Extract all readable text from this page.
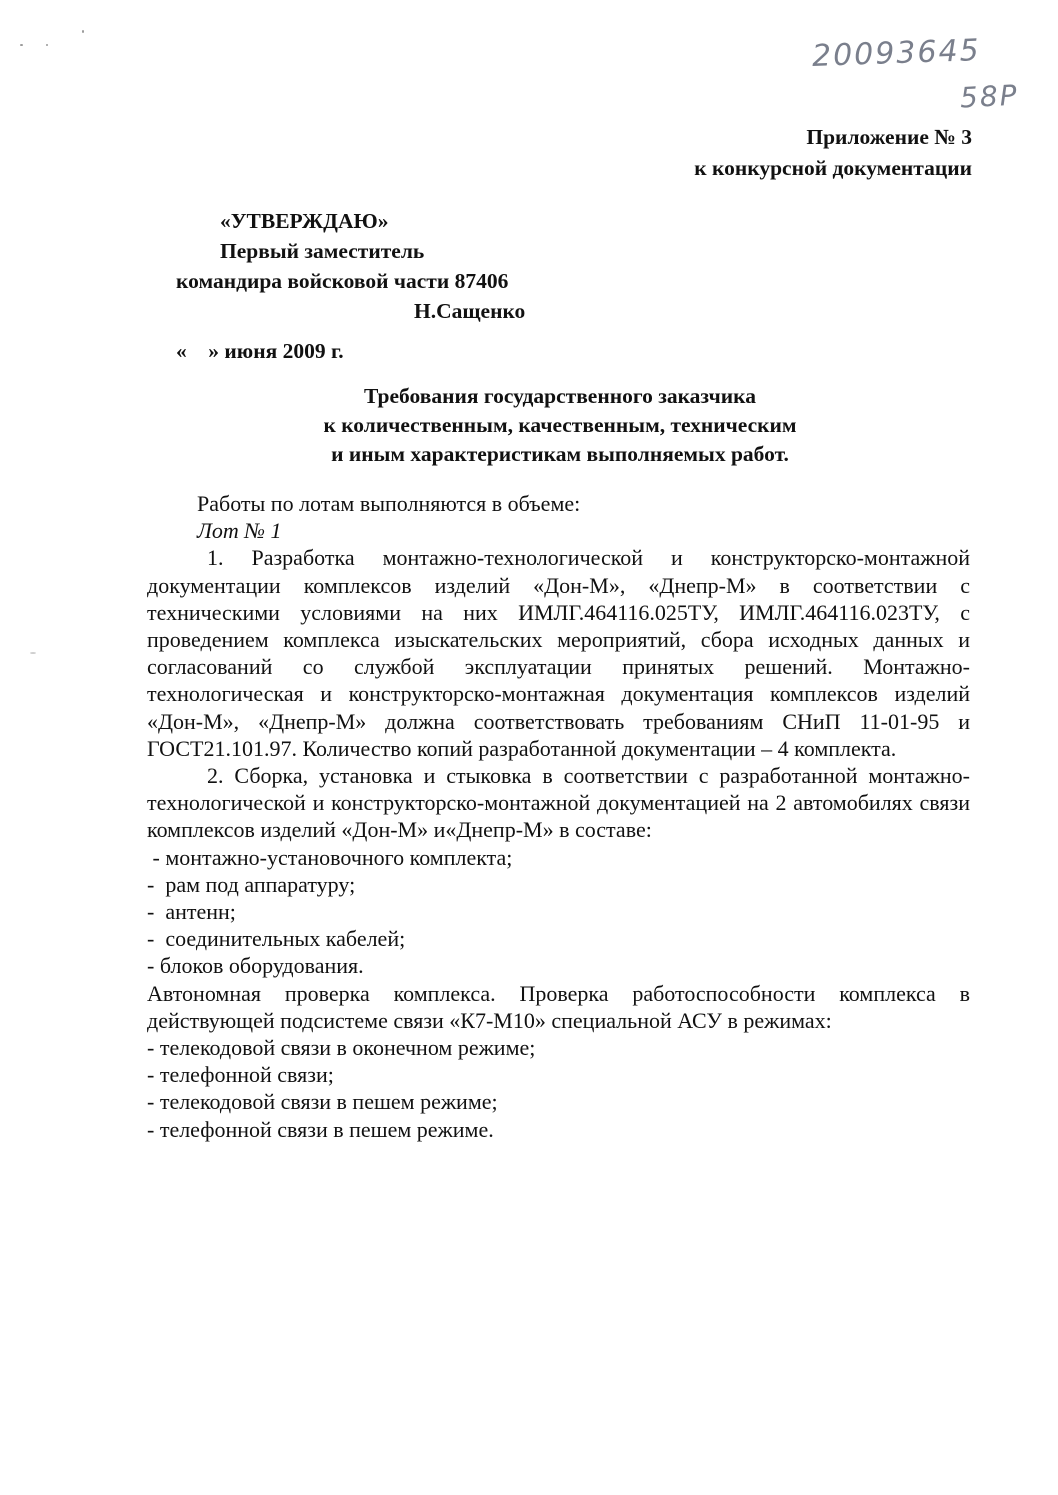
20093645
58P
Приложение № 3
к конкурсной документации
«УТВЕРЖДАЮ»
Первый заместитель
командира войсковой части 87406
Н.Сащенко
«    » июня 2009 г.
Требования государственного заказчика
к количественным, качественным, техническим
и иным характеристикам выполняемых работ.

Работы по лотам выполняются в объеме:

Лот № 1

1. Разработка монтажно-технологической и конструкторско-монтажной документации комплексов изделий «Дон-М», «Днепр-М» в соответствии с техническими условиями на них ИМЛГ.464116.025ТУ, ИМЛГ.464116.023ТУ, с проведением комплекса изыскательских мероприятий, сбора исходных данных и согласований со службой эксплуатации принятых решений. Монтажно-технологическая и конструкторско-монтажная документация комплексов изделий «Дон-М», «Днепр-М» должна соответствовать требованиям СНиП 11-01-95 и ГОСТ21.101.97. Количество копий разработанной документации – 4 комплекта.

2. Сборка, установка и стыковка в соответствии с разработанной монтажно-технологической и конструкторско-монтажной документацией на 2 автомобилях связи комплексов изделий «Дон-М» и«Днепр-М» в составе:

- монтажно-установочного комплекта;

-  рам под аппаратуру;

-  антенн;

-  соединительных кабелей;

- блоков оборудования.

Автономная проверка комплекса. Проверка работоспособности комплекса в действующей подсистеме связи «К7-М10» специальной АСУ в режимах:

- телекодовой связи в оконечном режиме;

- телефонной связи;

- телекодовой связи в пешем режиме;

- телефонной связи в пешем режиме.
